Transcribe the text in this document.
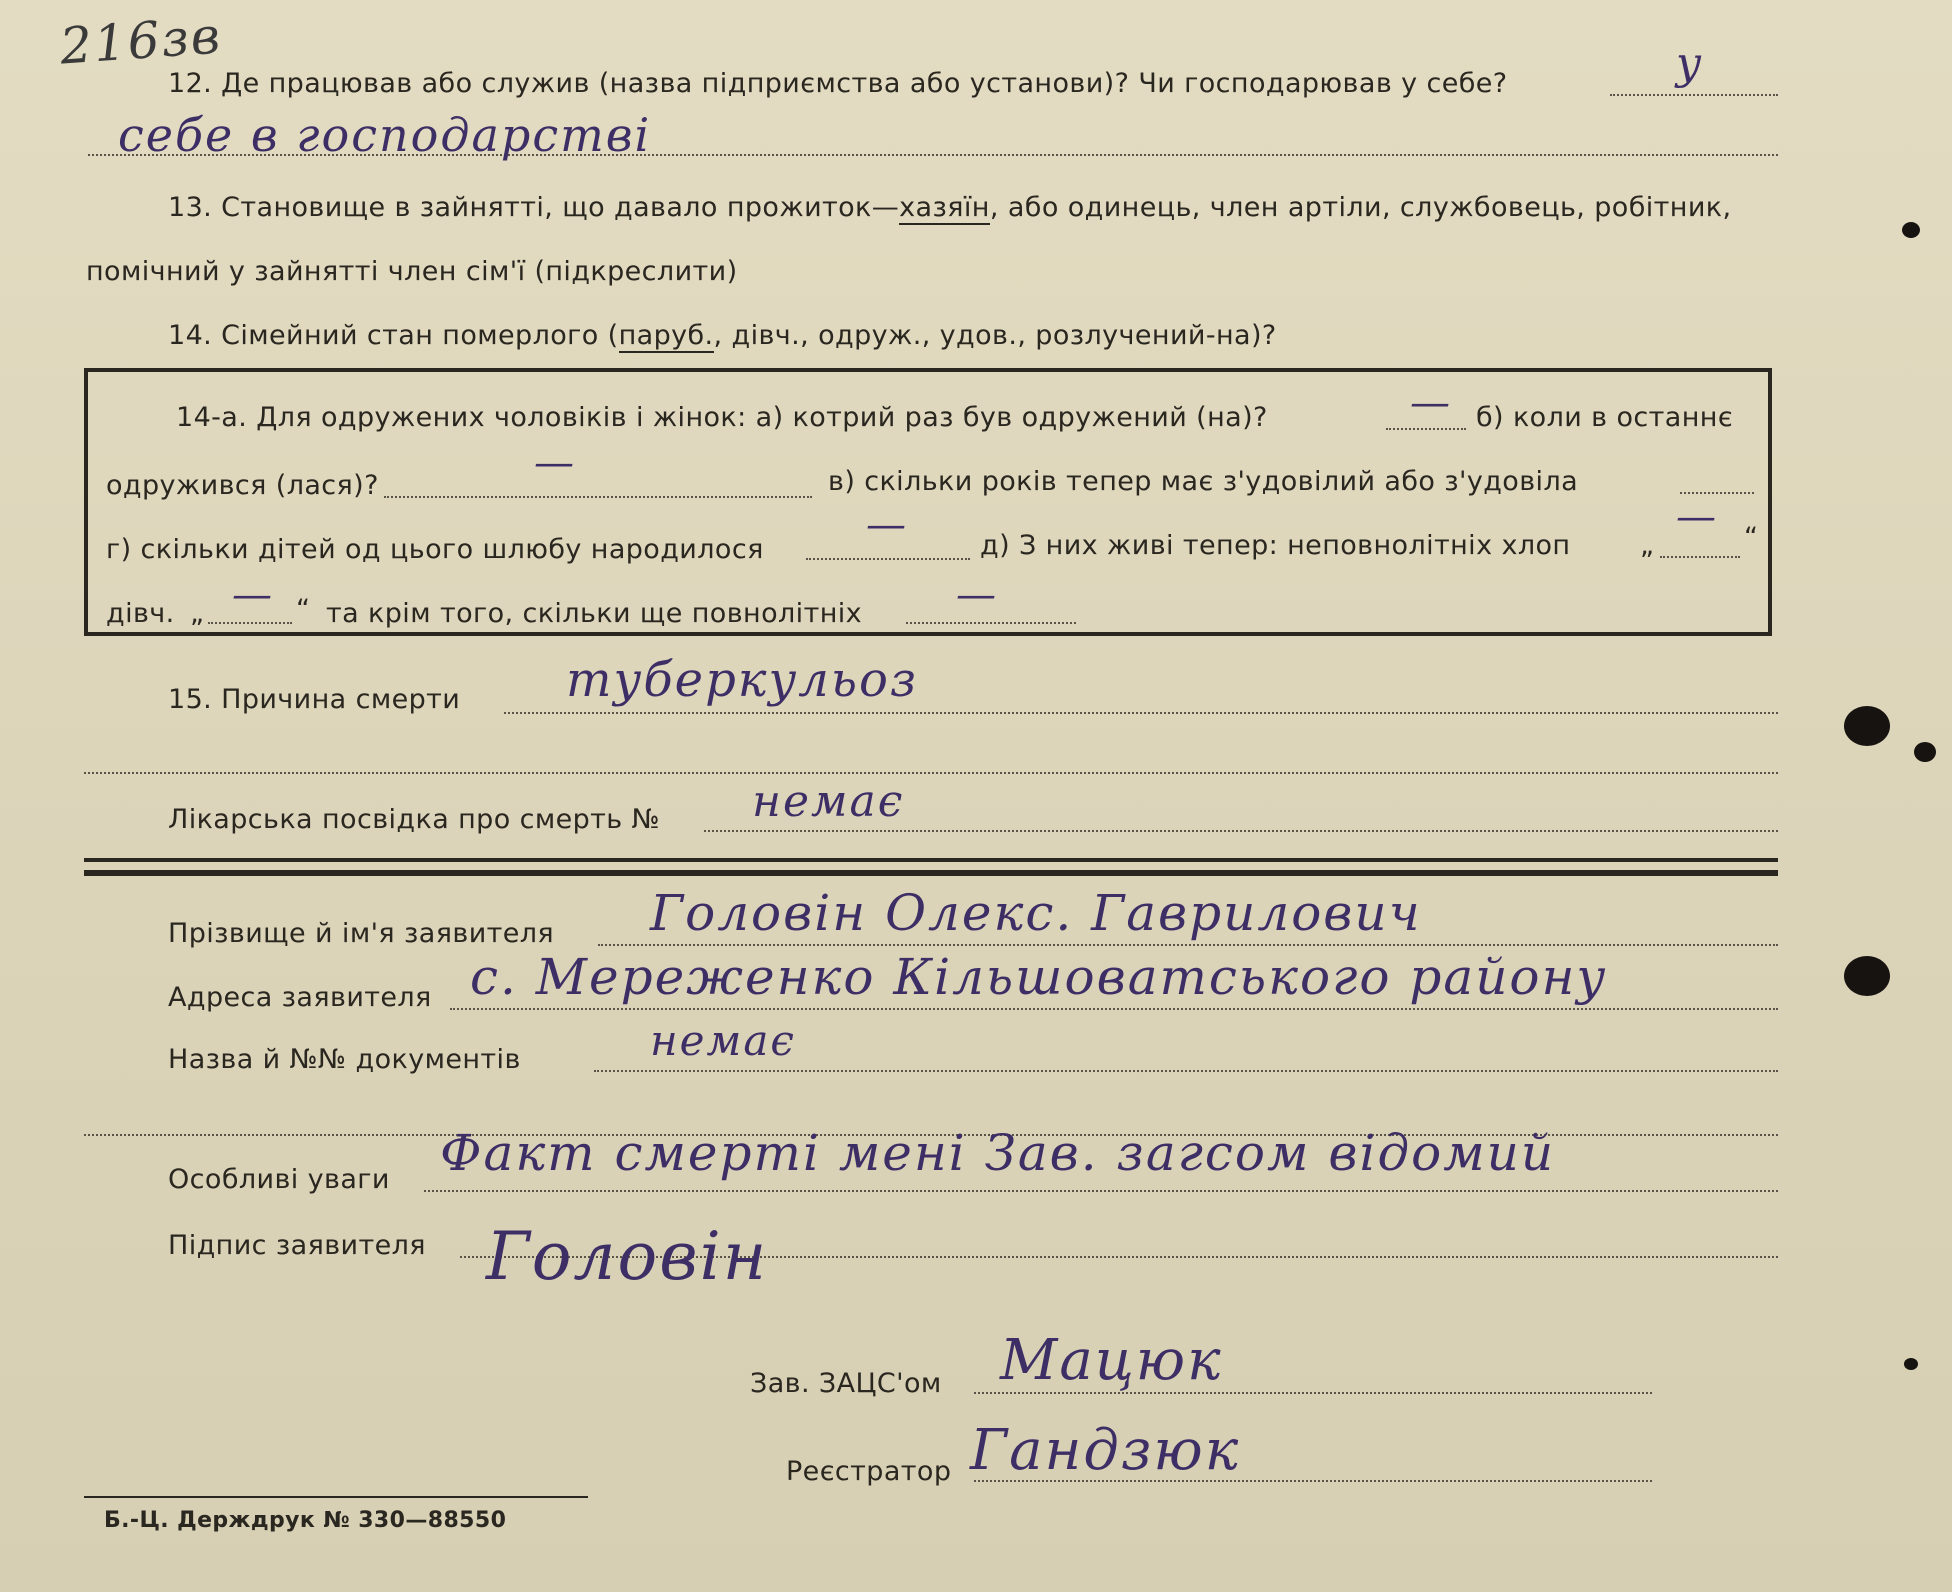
216зв
12. Де працював або служив (назва підприємства або установи)? Чи господарював у себе?	у
себе в господарстві
13. Становище в зайнятті, що давало прожиток—хазяїн, або одинець, член артіли, службовець, робітник,
помічний у зайнятті член сім'ї (підкреслити)
14. Сімейний стан померлого (паруб., дівч., одруж., удов., розлучений-на)?
14-а. Для одружених чоловіків і жінок: а) котрий раз був одружений (на)?	— б) коли в останнє
одружився (лася)?	—	в) скільки років тепер має з'удовілий або з'удовіла
г) скільки дітей од цього шлюбу народилося
—	д) З них живі тепер: неповнолітніх хлоп	„
— “
дівч. „ — “ та крім того, скільки ще повнолітніх —
15. Причина смерти туберкульоз
Лікарська посвідка про смерть № немає
Прізвище й ім'я заявителя Головін Олекс. Гаврилович
Адреса заявителя с. Мереженко Кільшоватського району
Назва й №№ документів	немає
Особливі уваги Факт смерті мені Зав. загсом відомий
Підпис заявителя Головін
Зав. ЗАЦС'ом Мацюк
Реєстратор Гандзюк
Б.-Ц. Держдрук № 330—88550
